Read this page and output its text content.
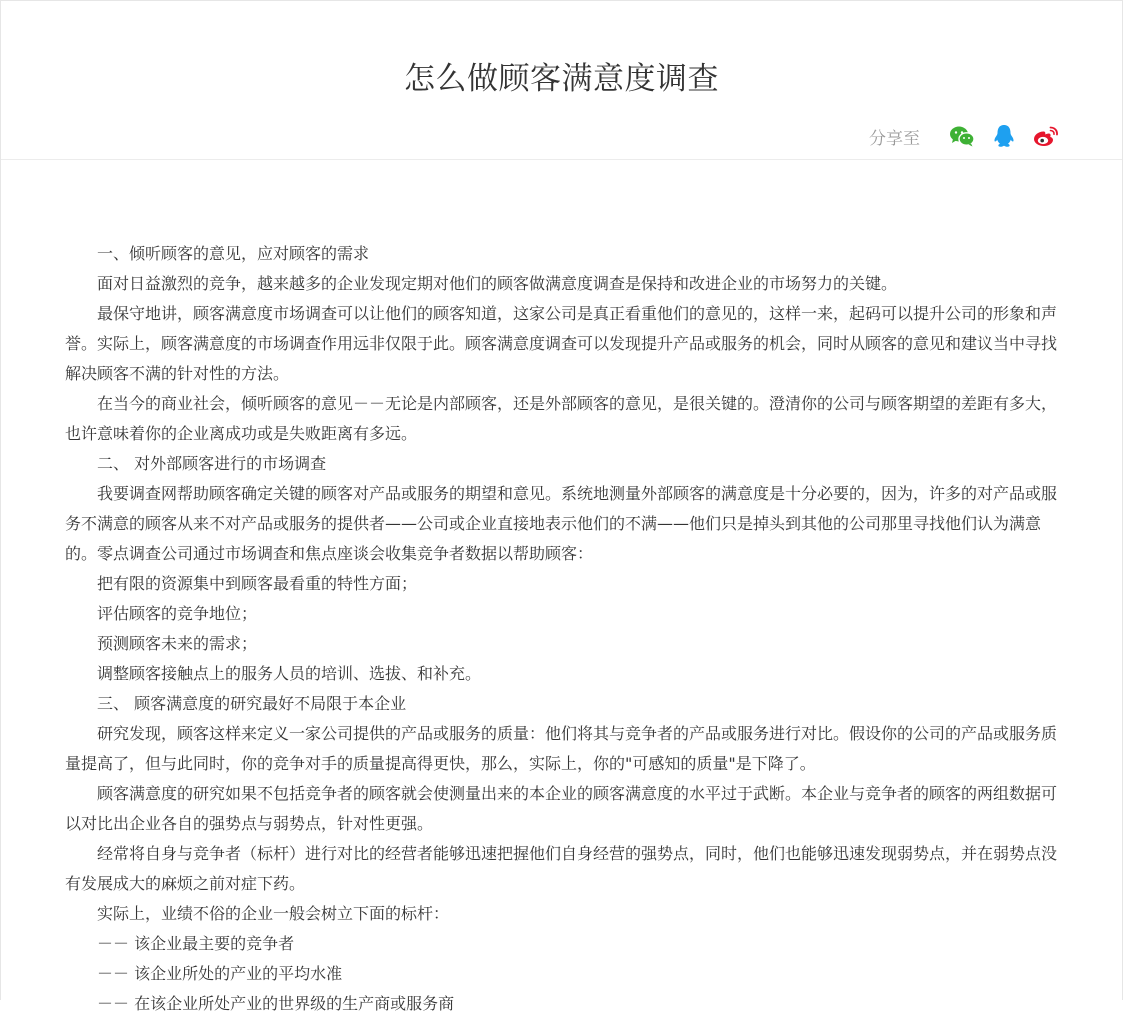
怎么做顾客满意度调查
分享至

一、倾听顾客的意见，应对顾客的需求

面对日益激烈的竞争，越来越多的企业发现定期对他们的顾客做满意度调查是保持和改进企业的市场努力的关键。

最保守地讲，顾客满意度市场调查可以让他们的顾客知道，这家公司是真正看重他们的意见的，这样一来，起码可以提升公司的形象和声誉。实际上，顾客满意度的市场调查作用远非仅限于此。顾客满意度调查可以发现提升产品或服务的机会，同时从顾客的意见和建议当中寻找解决顾客不满的针对性的方法。

在当今的商业社会，倾听顾客的意见－－无论是内部顾客，还是外部顾客的意见，是很关键的。澄清你的公司与顾客期望的差距有多大，也许意味着你的企业离成功或是失败距离有多远。

二、 对外部顾客进行的市场调查

我要调查网帮助顾客确定关键的顾客对产品或服务的期望和意见。系统地测量外部顾客的满意度是十分必要的，因为，许多的对产品或服务不满意的顾客从来不对产品或服务的提供者——公司或企业直接地表示他们的不满——他们只是掉头到其他的公司那里寻找他们认为满意的。零点调查公司通过市场调查和焦点座谈会收集竞争者数据以帮助顾客：

把有限的资源集中到顾客最看重的特性方面；

评估顾客的竞争地位；

预测顾客未来的需求；

调整顾客接触点上的服务人员的培训、选拔、和补充。

三、 顾客满意度的研究最好不局限于本企业

研究发现，顾客这样来定义一家公司提供的产品或服务的质量：他们将其与竞争者的产品或服务进行对比。假设你的公司的产品或服务质量提高了，但与此同时，你的竞争对手的质量提高得更快，那么，实际上，你的"可感知的质量"是下降了。

顾客满意度的研究如果不包括竞争者的顾客就会使测量出来的本企业的顾客满意度的水平过于武断。本企业与竞争者的顾客的两组数据可以对比出企业各自的强势点与弱势点，针对性更强。

经常将自身与竞争者（标杆）进行对比的经营者能够迅速把握他们自身经营的强势点，同时，他们也能够迅速发现弱势点，并在弱势点没有发展成大的麻烦之前对症下药。

实际上，业绩不俗的企业一般会树立下面的标杆：

－－ 该企业最主要的竞争者

－－ 该企业所处的产业的平均水准

－－ 在该企业所处产业的世界级的生产商或服务商
